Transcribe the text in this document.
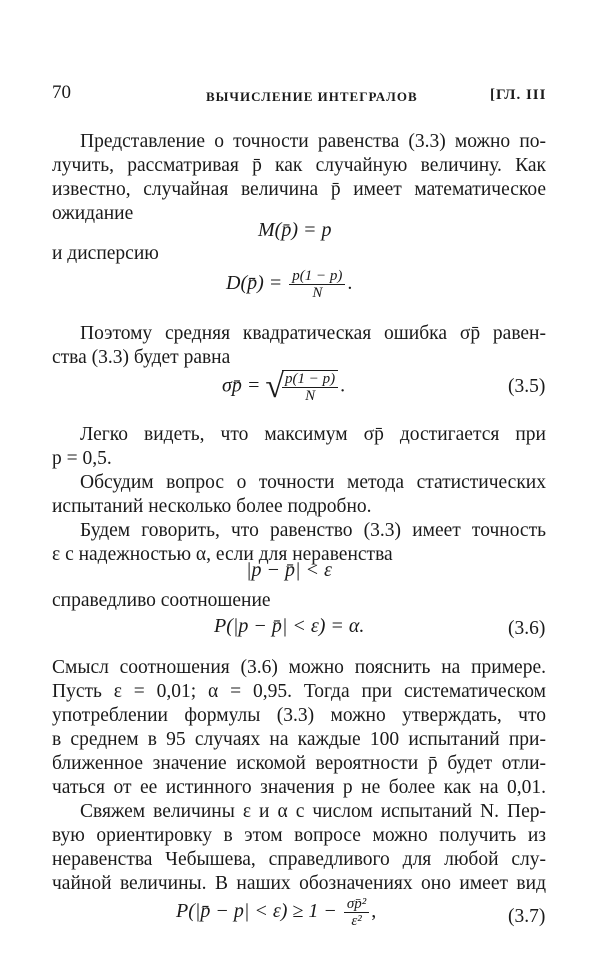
70	ВЫЧИСЛЕНИЕ ИНТЕГРАЛОВ	[ГЛ. III
Представление о точности равенства (3.3) можно по-
лучить, рассматривая p̄ как случайную величину. Как
известно, случайная величина p̄ имеет математическое
ожидание
M(p̄) = p
и дисперсию
D(p̄) = $\frac{p(1 - p)}{N}$ .
Поэтому средняя квадратическая ошибка σp̄ равен-
ства (3.3) будет равна
σp̄ = √
$\frac{p(1 - p)}{N}$ .	(3.5)
Легко видеть, что максимум σp̄ достигается при
p = 0,5.
Обсудим вопрос о точности метода статистических
испытаний несколько более подробно.
Будем говорить, что равенство (3.3) имеет точность
ε с надежностью α, если для неравенства
|p − p̄| < ε
справедливо соотношение
P(|p − p̄| < ε) = α.	(3.6)
Смысл соотношения (3.6) можно пояснить на примере.
Пусть ε = 0,01; α = 0,95. Тогда при систематическом
употреблении формулы (3.3) можно утверждать, что
в среднем в 95 случаях на каждые 100 испытаний при-
ближенное значение искомой вероятности p̄ будет отли-
чаться от ее истинного значения p не более как на 0,01.
Свяжем величины ε и α с числом испытаний N. Пер-
вую ориентировку в этом вопросе можно получить из
неравенства Чебышева, справедливого для любой слу-
чайной величины. В наших обозначениях оно имеет вид
P(|p̄ − $p| < \varepsilon) \ge 1 - \frac{\text{σp̄²}}{\text{ε²}}$ ,	(3.7)
